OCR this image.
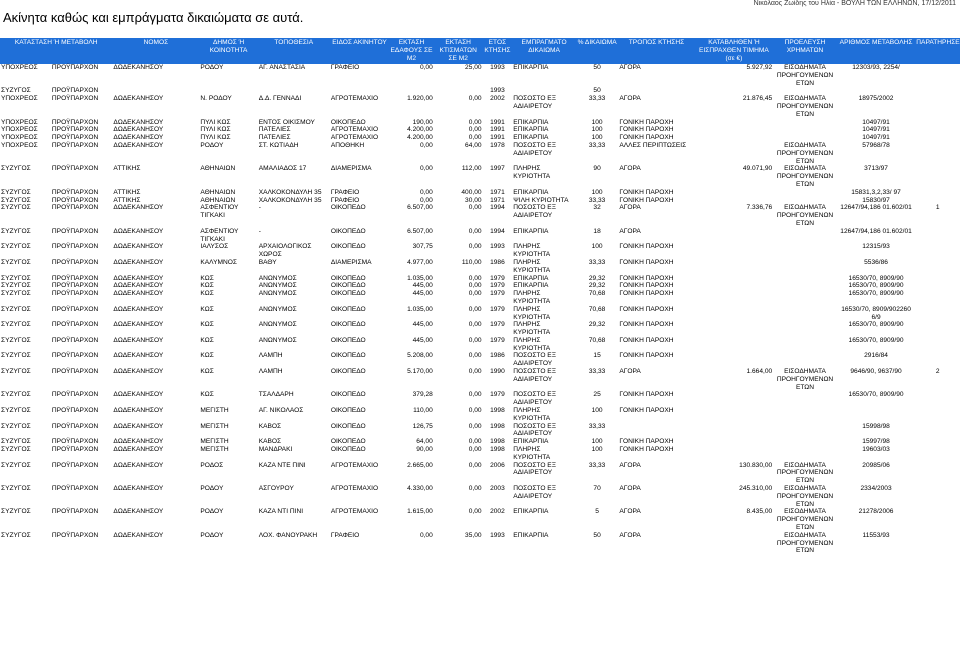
Ακίνητα καθώς και εμπράγματα δικαιώματα σε αυτά.
Νικόλαος Ζωίδης του Ηλία - ΒΟΥΛΗ ΤΩΝ ΕΛΛΗΝΩΝ, 17/12/2011
ΚΑΤΑΣΤΑΣΗ Ή ΜΕΤΑΒΟΛΗ		ΝΟΜΟΣ	ΔΗΜΟΣ Ή ΚΟΙΝΟΤΗΤΑ	ΤΟΠΟΘΕΣΙΑ	ΕΙΔΟΣ ΑΚΙΝΗΤΟΥ	ΕΚΤΑΣΗ ΕΔΑΦΟΥΣ ΣΕ Μ2	ΕΚΤΑΣΗ ΚΤΙΣΜΑΤΩΝ ΣΕ Μ2	ΕΤΟΣ ΚΤΗΣΗΣ	ΕΜΠΡΑΓΜΑΤΟ ΔΙΚΑΙΩΜΑ	% ΔΙΚΑΙΩΜΑ	ΤΡΟΠΟΣ ΚΤΗΣΗΣ	ΚΑΤΑΒΛΗΘΕΝ Ή ΕΙΣΠΡΑΧΘΕΝ ΤΙΜΗΜΑ (σε €)	ΠΡΟΕΛΕΥΣΗ ΧΡΗΜΑΤΩΝ	ΑΡΙΘΜΟΣ ΜΕΤΑΒΟΛΗΣ	ΠΑΡΑΤΗΡΗΣΕΙΣ
ΥΠΟΧΡΕΟΣ	ΠΡΟΫΠΑΡΧΟΝ	ΔΩΔΕΚΑΝΗΣΟΥ	ΡΟΔΟΥ	ΑΓ. ΑΝΑΣΤΑΣΙΑ	ΓΡΑΦΕΙΟ	0,00	25,00	1993	ΕΠΙΚΑΡΠΙΑ	50	ΑΓΟΡΑ	5.927,92	ΕΙΣΟΔΗΜΑΤΑ ΠΡΟΗΓΟΥΜΕΝΩΝ ΕΤΩΝ	12303/93, 2254/	
ΣΥΖΥΓΟΣ	ΠΡΟΫΠΑΡΧΟΝ							1993		50					
ΥΠΟΧΡΕΟΣ	ΠΡΟΫΠΑΡΧΟΝ	ΔΩΔΕΚΑΝΗΣΟΥ	Ν. ΡΟΔΟΥ	Δ.Δ. ΓΕΝΝΑΔΙ	ΑΓΡΟΤΕΜΑΧΙΟ	1.920,00	0,00	2002	ΠΟΣΟΣΤΟ ΕΞ ΑΔΙΑΙΡΕΤΟΥ	33,33	ΑΓΟΡΑ	21.876,45	ΕΙΣΟΔΗΜΑΤΑ ΠΡΟΗΓΟΥΜΕΝΩΝ ΕΤΩΝ	18975/2002	
ΥΠΟΧΡΕΟΣ	ΠΡΟΫΠΑΡΧΟΝ	ΔΩΔΕΚΑΝΗΣΟΥ	ΠΥΛΙ ΚΩΣ	ΕΝΤΟΣ ΟΙΚΙΣΜΟΥ	ΟΙΚΟΠΕΔΟ	190,00	0,00	1991	ΕΠΙΚΑΡΠΙΑ	100	ΓΟΝΙΚΗ ΠΑΡΟΧΗ			10497/91	
ΥΠΟΧΡΕΟΣ	ΠΡΟΫΠΑΡΧΟΝ	ΔΩΔΕΚΑΝΗΣΟΥ	ΠΥΛΙ ΚΩΣ	ΠΑΤΕΛΙΕΣ	ΑΓΡΟΤΕΜΑΧΙΟ	4.200,00	0,00	1991	ΕΠΙΚΑΡΠΙΑ	100	ΓΟΝΙΚΗ ΠΑΡΟΧΗ			10497/91	
ΥΠΟΧΡΕΟΣ	ΠΡΟΫΠΑΡΧΟΝ	ΔΩΔΕΚΑΝΗΣΟΥ	ΠΥΛΙ ΚΩΣ	ΠΑΤΕΛΙΕΣ	ΑΓΡΟΤΕΜΑΧΙΟ	4.200,00	0,00	1991	ΕΠΙΚΑΡΠΙΑ	100	ΓΟΝΙΚΗ ΠΑΡΟΧΗ			10497/91	
ΥΠΟΧΡΕΟΣ	ΠΡΟΫΠΑΡΧΟΝ	ΔΩΔΕΚΑΝΗΣΟΥ	ΡΟΔΟΥ	ΣΤ. ΚΩΤΙΑΔΗ	ΑΠΟΘΗΚΗ	0,00	64,00	1978	ΠΟΣΟΣΤΟ ΕΞ ΑΔΙΑΙΡΕΤΟΥ	33,33	ΑΛΛΕΣ ΠΕΡΙΠΤΩΣΕΙΣ		ΕΙΣΟΔΗΜΑΤΑ ΠΡΟΗΓΟΥΜΕΝΩΝ ΕΤΩΝ	57968/78	
ΣΥΖΥΓΟΣ	ΠΡΟΫΠΑΡΧΟΝ	ΑΤΤΙΚΗΣ	ΑΘΗΝΑΙΩΝ	ΑΜΑΛΙΑΔΟΣ 17	ΔΙΑΜΕΡΙΣΜΑ	0,00	112,00	1997	ΠΛΗΡΗΣ ΚΥΡΙΟΤΗΤΑ	90	ΑΓΟΡΑ	49.071,90	ΕΙΣΟΔΗΜΑΤΑ ΠΡΟΗΓΟΥΜΕΝΩΝ ΕΤΩΝ	3713/97	
ΣΥΖΥΓΟΣ	ΠΡΟΫΠΑΡΧΟΝ	ΑΤΤΙΚΗΣ	ΑΘΗΝΑΙΩΝ	ΧΑΛΚΟΚΟΝΔΥΛΗ 35	ΓΡΑΦΕΙΟ	0,00	400,00	1971	ΕΠΙΚΑΡΠΙΑ	100	ΓΟΝΙΚΗ ΠΑΡΟΧΗ			15831,3,2,33/ 97	
ΣΥΖΥΓΟΣ	ΠΡΟΫΠΑΡΧΟΝ	ΑΤΤΙΚΗΣ	ΑΘΗΝΑΙΩΝ	ΧΑΛΚΟΚΟΝΔΥΛΗ 35	ΓΡΑΦΕΙΟ	0,00	30,00	1971	ΨΙΛΗ ΚΥΡΙΟΤΗΤΑ	33,33	ΓΟΝΙΚΗ ΠΑΡΟΧΗ			15830/97	
ΣΥΖΥΓΟΣ	ΠΡΟΫΠΑΡΧΟΝ	ΔΩΔΕΚΑΝΗΣΟΥ	ΑΣΦΕΝΤΙΟΥ ΤΙΓΚΑΚΙ	-	ΟΙΚΟΠΕΔΟ	6.507,00	0,00	1994	ΠΟΣΟΣΤΟ ΕΞ ΑΔΙΑΙΡΕΤΟΥ	32	ΑΓΟΡΑ	7.336,76	ΕΙΣΟΔΗΜΑΤΑ ΠΡΟΗΓΟΥΜΕΝΩΝ ΕΤΩΝ	12647/94,186 01.602/01	1
ΣΥΖΥΓΟΣ	ΠΡΟΫΠΑΡΧΟΝ	ΔΩΔΕΚΑΝΗΣΟΥ	ΑΣΦΕΝΤΙΟΥ ΤΙΓΚΑΚΙ	-	ΟΙΚΟΠΕΔΟ	6.507,00	0,00	1994	ΕΠΙΚΑΡΠΙΑ	18	ΑΓΟΡΑ			12647/94,186 01.602/01	
ΣΥΖΥΓΟΣ	ΠΡΟΫΠΑΡΧΟΝ	ΔΩΔΕΚΑΝΗΣΟΥ	ΙΑΛΥΣΟΣ	ΑΡΧΑΙΟΛΟΓΙΚΟΣ ΧΩΡΟΣ	ΟΙΚΟΠΕΔΟ	307,75	0,00	1993	ΠΛΗΡΗΣ ΚΥΡΙΟΤΗΤΑ	100	ΓΟΝΙΚΗ ΠΑΡΟΧΗ			12315/93	
ΣΥΖΥΓΟΣ	ΠΡΟΫΠΑΡΧΟΝ	ΔΩΔΕΚΑΝΗΣΟΥ	ΚΑΛΥΜΝΟΣ	ΒΑΘΥ	ΔΙΑΜΕΡΙΣΜΑ	4.977,00	110,00	1986	ΠΛΗΡΗΣ ΚΥΡΙΟΤΗΤΑ	33,33	ΓΟΝΙΚΗ ΠΑΡΟΧΗ			5536/86	
ΣΥΖΥΓΟΣ	ΠΡΟΫΠΑΡΧΟΝ	ΔΩΔΕΚΑΝΗΣΟΥ	ΚΩΣ	ΑΝΩΝΥΜΟΣ	ΟΙΚΟΠΕΔΟ	1.035,00	0,00	1979	ΕΠΙΚΑΡΠΙΑ	29,32	ΓΟΝΙΚΗ ΠΑΡΟΧΗ			16530/70, 8909/90	
ΣΥΖΥΓΟΣ	ΠΡΟΫΠΑΡΧΟΝ	ΔΩΔΕΚΑΝΗΣΟΥ	ΚΩΣ	ΑΝΩΝΥΜΟΣ	ΟΙΚΟΠΕΔΟ	445,00	0,00	1979	ΕΠΙΚΑΡΠΙΑ	29,32	ΓΟΝΙΚΗ ΠΑΡΟΧΗ			16530/70, 8909/90	
ΣΥΖΥΓΟΣ	ΠΡΟΫΠΑΡΧΟΝ	ΔΩΔΕΚΑΝΗΣΟΥ	ΚΩΣ	ΑΝΩΝΥΜΟΣ	ΟΙΚΟΠΕΔΟ	445,00	0,00	1979	ΠΛΗΡΗΣ ΚΥΡΙΟΤΗΤΑ	70,68	ΓΟΝΙΚΗ ΠΑΡΟΧΗ			16530/70, 8909/90	
ΣΥΖΥΓΟΣ	ΠΡΟΫΠΑΡΧΟΝ	ΔΩΔΕΚΑΝΗΣΟΥ	ΚΩΣ	ΑΝΩΝΥΜΟΣ	ΟΙΚΟΠΕΔΟ	1.035,00	0,00	1979	ΠΛΗΡΗΣ ΚΥΡΙΟΤΗΤΑ	70,68	ΓΟΝΙΚΗ ΠΑΡΟΧΗ			16530/70, 8909/902260 6/9	
ΣΥΖΥΓΟΣ	ΠΡΟΫΠΑΡΧΟΝ	ΔΩΔΕΚΑΝΗΣΟΥ	ΚΩΣ	ΑΝΩΝΥΜΟΣ	ΟΙΚΟΠΕΔΟ	445,00	0,00	1979	ΠΛΗΡΗΣ ΚΥΡΙΟΤΗΤΑ	29,32	ΓΟΝΙΚΗ ΠΑΡΟΧΗ			16530/70, 8909/90	
ΣΥΖΥΓΟΣ	ΠΡΟΫΠΑΡΧΟΝ	ΔΩΔΕΚΑΝΗΣΟΥ	ΚΩΣ	ΑΝΩΝΥΜΟΣ	ΟΙΚΟΠΕΔΟ	445,00	0,00	1979	ΠΛΗΡΗΣ ΚΥΡΙΟΤΗΤΑ	70,68	ΓΟΝΙΚΗ ΠΑΡΟΧΗ			16530/70, 8909/90	
ΣΥΖΥΓΟΣ	ΠΡΟΫΠΑΡΧΟΝ	ΔΩΔΕΚΑΝΗΣΟΥ	ΚΩΣ	ΛΑΜΠΗ	ΟΙΚΟΠΕΔΟ	5.208,00	0,00	1986	ΠΟΣΟΣΤΟ ΕΞ ΑΔΙΑΙΡΕΤΟΥ	15	ΓΟΝΙΚΗ ΠΑΡΟΧΗ			2916/84	
ΣΥΖΥΓΟΣ	ΠΡΟΫΠΑΡΧΟΝ	ΔΩΔΕΚΑΝΗΣΟΥ	ΚΩΣ	ΛΑΜΠΗ	ΟΙΚΟΠΕΔΟ	5.170,00	0,00	1990	ΠΟΣΟΣΤΟ ΕΞ ΑΔΙΑΙΡΕΤΟΥ	33,33	ΑΓΟΡΑ	1.664,00	ΕΙΣΟΔΗΜΑΤΑ ΠΡΟΗΓΟΥΜΕΝΩΝ ΕΤΩΝ	9646/90, 9637/90	2
ΣΥΖΥΓΟΣ	ΠΡΟΫΠΑΡΧΟΝ	ΔΩΔΕΚΑΝΗΣΟΥ	ΚΩΣ	ΤΣΑΛΔΑΡΗ	ΟΙΚΟΠΕΔΟ	379,28	0,00	1979	ΠΟΣΟΣΤΟ ΕΞ ΑΔΙΑΙΡΕΤΟΥ	25	ΓΟΝΙΚΗ ΠΑΡΟΧΗ			16530/70, 8909/90	
ΣΥΖΥΓΟΣ	ΠΡΟΫΠΑΡΧΟΝ	ΔΩΔΕΚΑΝΗΣΟΥ	ΜΕΓΙΣΤΗ	ΑΓ. ΝΙΚΟΛΑΟΣ	ΟΙΚΟΠΕΔΟ	110,00	0,00	1998	ΠΛΗΡΗΣ ΚΥΡΙΟΤΗΤΑ	100	ΓΟΝΙΚΗ ΠΑΡΟΧΗ				
ΣΥΖΥΓΟΣ	ΠΡΟΫΠΑΡΧΟΝ	ΔΩΔΕΚΑΝΗΣΟΥ	ΜΕΓΙΣΤΗ	ΚΑΒΟΣ	ΟΙΚΟΠΕΔΟ	126,75	0,00	1998	ΠΟΣΟΣΤΟ ΕΞ ΑΔΙΑΙΡΕΤΟΥ	33,33				15998/98	
ΣΥΖΥΓΟΣ	ΠΡΟΫΠΑΡΧΟΝ	ΔΩΔΕΚΑΝΗΣΟΥ	ΜΕΓΙΣΤΗ	ΚΑΒΟΣ	ΟΙΚΟΠΕΔΟ	64,00	0,00	1998	ΕΠΙΚΑΡΠΙΑ	100	ΓΟΝΙΚΗ ΠΑΡΟΧΗ			15997/98	
ΣΥΖΥΓΟΣ	ΠΡΟΫΠΑΡΧΟΝ	ΔΩΔΕΚΑΝΗΣΟΥ	ΜΕΓΙΣΤΗ	ΜΑΝΔΡΑΚΙ	ΟΙΚΟΠΕΔΟ	90,00	0,00	1998	ΠΛΗΡΗΣ ΚΥΡΙΟΤΗΤΑ	100	ΓΟΝΙΚΗ ΠΑΡΟΧΗ			19603/03	
ΣΥΖΥΓΟΣ	ΠΡΟΫΠΑΡΧΟΝ	ΔΩΔΕΚΑΝΗΣΟΥ	ΡΟΔΟΣ	ΚΑΖΑ ΝΤΕ ΠΙΝΙ	ΑΓΡΟΤΕΜΑΧΙΟ	2.665,00	0,00	2006	ΠΟΣΟΣΤΟ ΕΞ ΑΔΙΑΙΡΕΤΟΥ	33,33	ΑΓΟΡΑ	130.830,00	ΕΙΣΟΔΗΜΑΤΑ ΠΡΟΗΓΟΥΜΕΝΩΝ ΕΤΩΝ	20985/06	
ΣΥΖΥΓΟΣ	ΠΡΟΫΠΑΡΧΟΝ	ΔΩΔΕΚΑΝΗΣΟΥ	ΡΟΔΟΥ	ΑΣΓΟΥΡΟΥ	ΑΓΡΟΤΕΜΑΧΙΟ	4.330,00	0,00	2003	ΠΟΣΟΣΤΟ ΕΞ ΑΔΙΑΙΡΕΤΟΥ	70	ΑΓΟΡΑ	245.310,00	ΕΙΣΟΔΗΜΑΤΑ ΠΡΟΗΓΟΥΜΕΝΩΝ ΕΤΩΝ	2334/2003	
ΣΥΖΥΓΟΣ	ΠΡΟΫΠΑΡΧΟΝ	ΔΩΔΕΚΑΝΗΣΟΥ	ΡΟΔΟΥ	ΚΑΖΑ ΝΤΙ ΠΙΝΙ	ΑΓΡΟΤΕΜΑΧΙΟ	1.615,00	0,00	2002	ΕΠΙΚΑΡΠΙΑ	5	ΑΓΟΡΑ	8.435,00	ΕΙΣΟΔΗΜΑΤΑ ΠΡΟΗΓΟΥΜΕΝΩΝ ΕΤΩΝ	21278/2006	
ΣΥΖΥΓΟΣ	ΠΡΟΫΠΑΡΧΟΝ	ΔΩΔΕΚΑΝΗΣΟΥ	ΡΟΔΟΥ	ΛΟΧ. ΦΑΝΟΥΡΑΚΗ	ΓΡΑΦΕΙΟ	0,00	35,00	1993	ΕΠΙΚΑΡΠΙΑ	50	ΑΓΟΡΑ		ΕΙΣΟΔΗΜΑΤΑ ΠΡΟΗΓΟΥΜΕΝΩΝ ΕΤΩΝ	11553/93	
